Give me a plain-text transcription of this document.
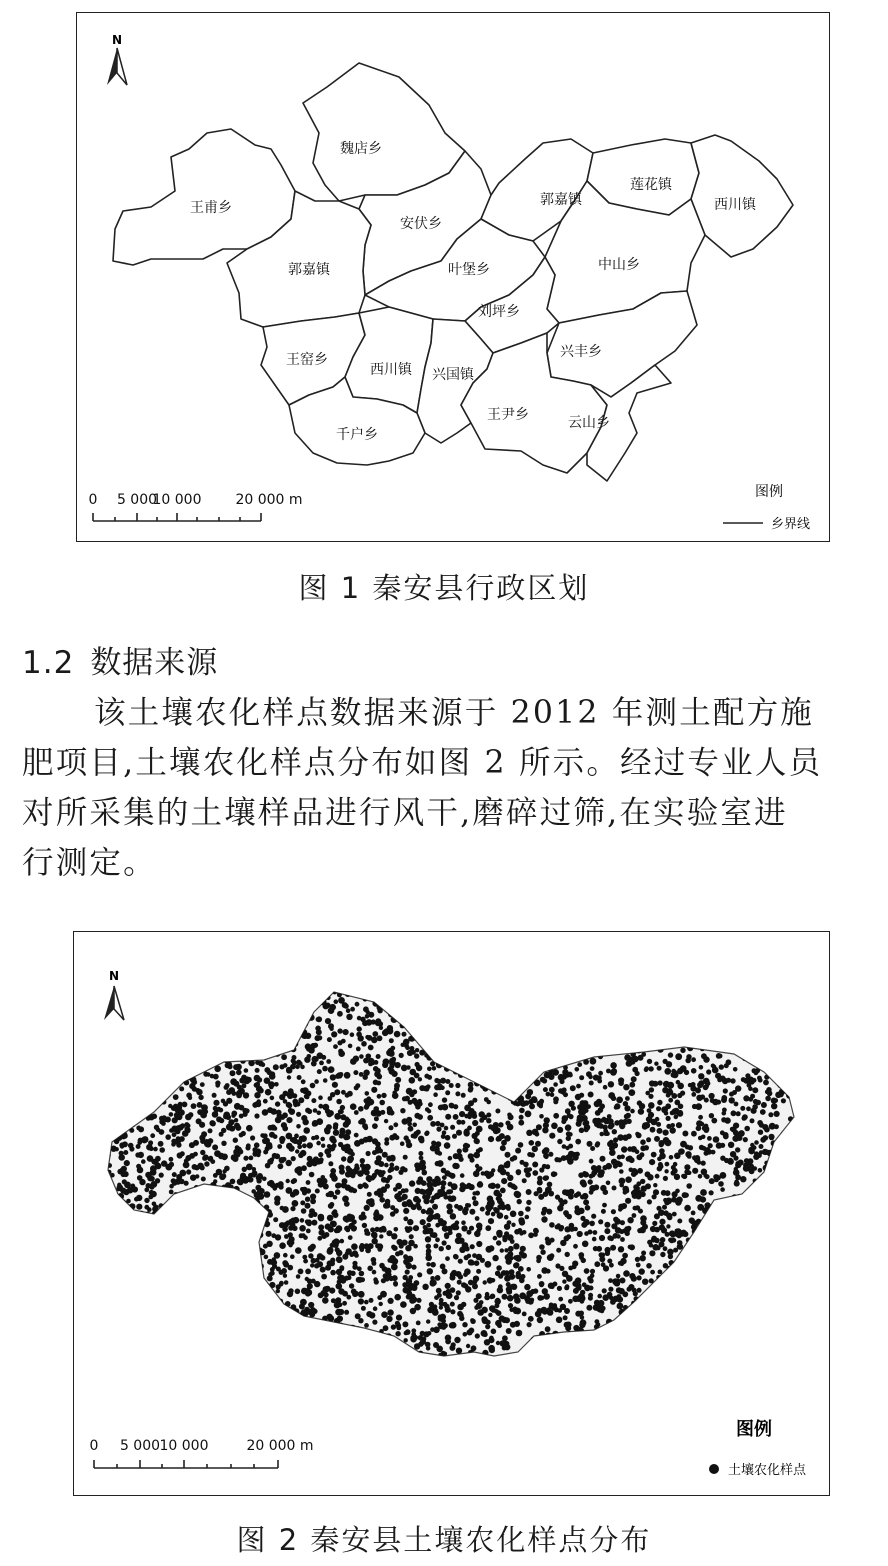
N
魏店乡
王甫乡
安伏乡
郭嘉镇
莲花镇
西川镇
郭嘉镇	叶堡乡	中山乡
刘坪乡
王窑乡
西川镇 兴国镇
兴丰乡
王尹乡	云山乡
千户乡
0 5 000
10 000 20 000 m	图例
乡界线
图 1 秦安县行政区划
1.2 数据来源
该土壤农化样点数据来源于 2012 年测土配方施
肥项目,土壤农化样点分布如图 2 所示。经过专业人员
对所采集的土壤样品进行风干,磨碎过筛,在实验室进
行测定。
N
0 5 000 10 000	20 000 m
图例
土壤农化样点
图 2 秦安县土壤农化样点分布
